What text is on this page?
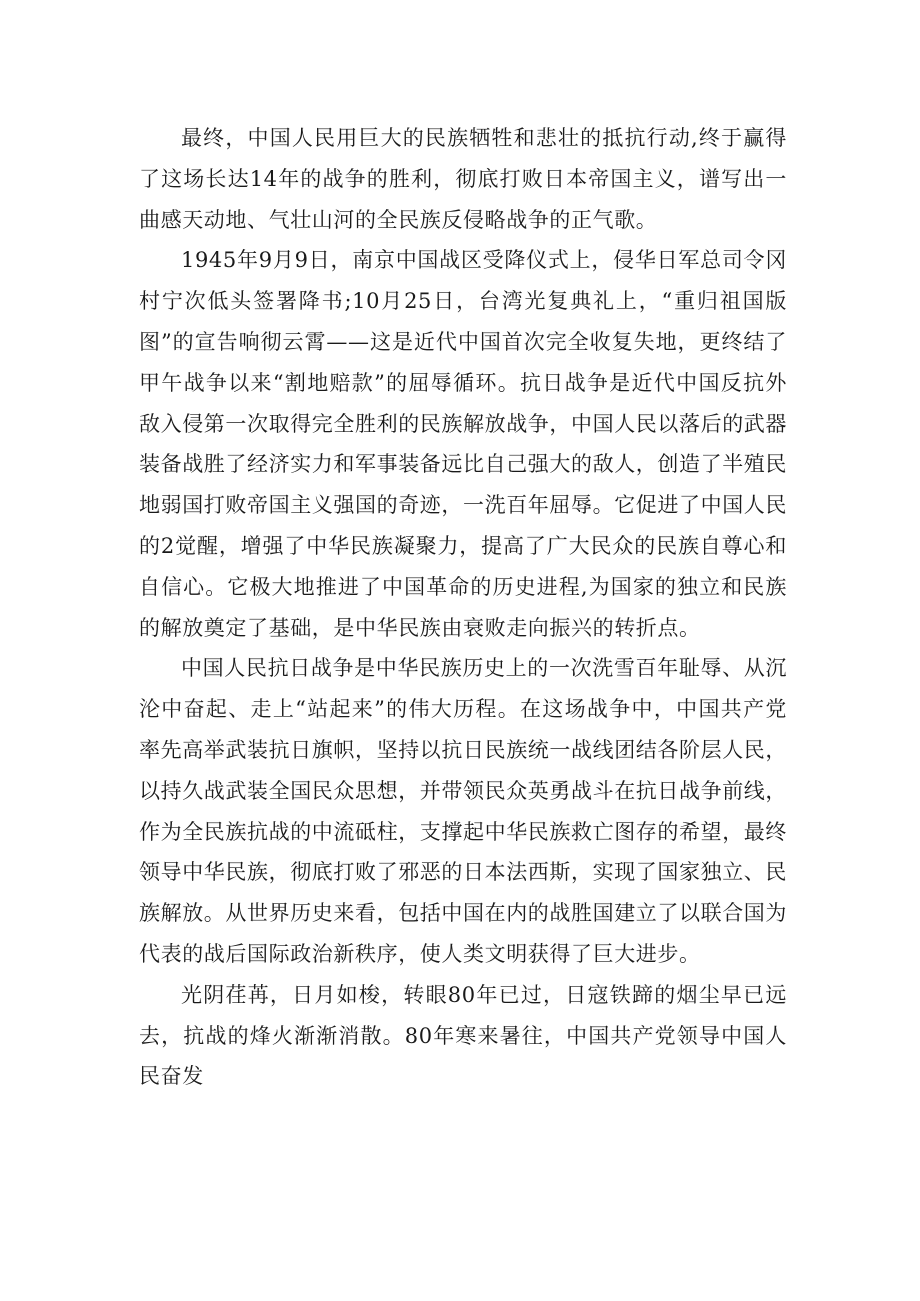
最终，中国人民用巨大的民族牺牲和悲壮的抵抗行动,终于赢得了这场长达14年的战争的胜利，彻底打败日本帝国主义，谱写出一曲感天动地、气壮山河的全民族反侵略战争的正气歌。

1945年9月9日，南京中国战区受降仪式上，侵华日军总司令冈村宁次低头签署降书;10月25日，台湾光复典礼上，“重归祖国版图”的宣告响彻云霄——这是近代中国首次完全收复失地，更终结了甲午战争以来“割地赔款”的屈辱循环。抗日战争是近代中国反抗外敌入侵第一次取得完全胜利的民族解放战争，中国人民以落后的武器装备战胜了经济实力和军事装备远比自己强大的敌人，创造了半殖民地弱国打败帝国主义强国的奇迹，一洗百年屈辱。它促进了中国人民的2觉醒，增强了中华民族凝聚力，提高了广大民众的民族自尊心和自信心。它极大地推进了中国革命的历史进程,为国家的独立和民族的解放奠定了基础，是中华民族由衰败走向振兴的转折点。

中国人民抗日战争是中华民族历史上的一次洗雪百年耻辱、从沉沦中奋起、走上“站起来”的伟大历程。在这场战争中，中国共产党率先高举武装抗日旗帜，坚持以抗日民族统一战线团结各阶层人民，以持久战武装全国民众思想，并带领民众英勇战斗在抗日战争前线，作为全民族抗战的中流砥柱，支撑起中华民族救亡图存的希望，最终领导中华民族，彻底打败了邪恶的日本法西斯，实现了国家独立、民族解放。从世界历史来看，包括中国在内的战胜国建立了以联合国为代表的战后国际政治新秩序，使人类文明获得了巨大进步。

光阴荏苒，日月如梭，转眼80年已过，日寇铁蹄的烟尘早已远去，抗战的烽火渐渐消散。80年寒来暑往，中国共产党领导中国人民奋发
